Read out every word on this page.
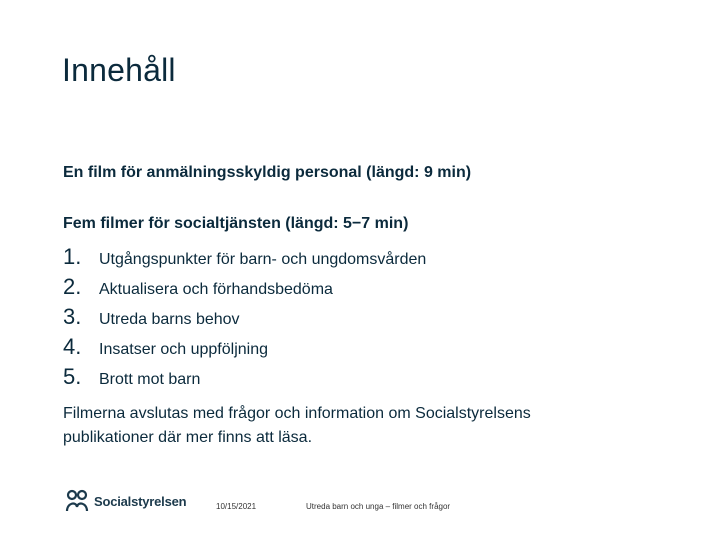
Innehåll
En film för anmälningsskyldig personal (längd: 9 min)
Fem filmer för socialtjänsten (längd: 5−7 min)
1.	Utgångspunkter för barn- och ungdomsvården
2.	Aktualisera och förhandsbedöma
3.	Utreda barns behov
4.	Insatser och uppföljning
5.	Brott mot barn
Filmerna avslutas med frågor och information om Socialstyrelsens publikationer där mer finns att läsa.
Socialstyrelsen	10/15/2021	Utreda barn och unga – filmer och frågor
